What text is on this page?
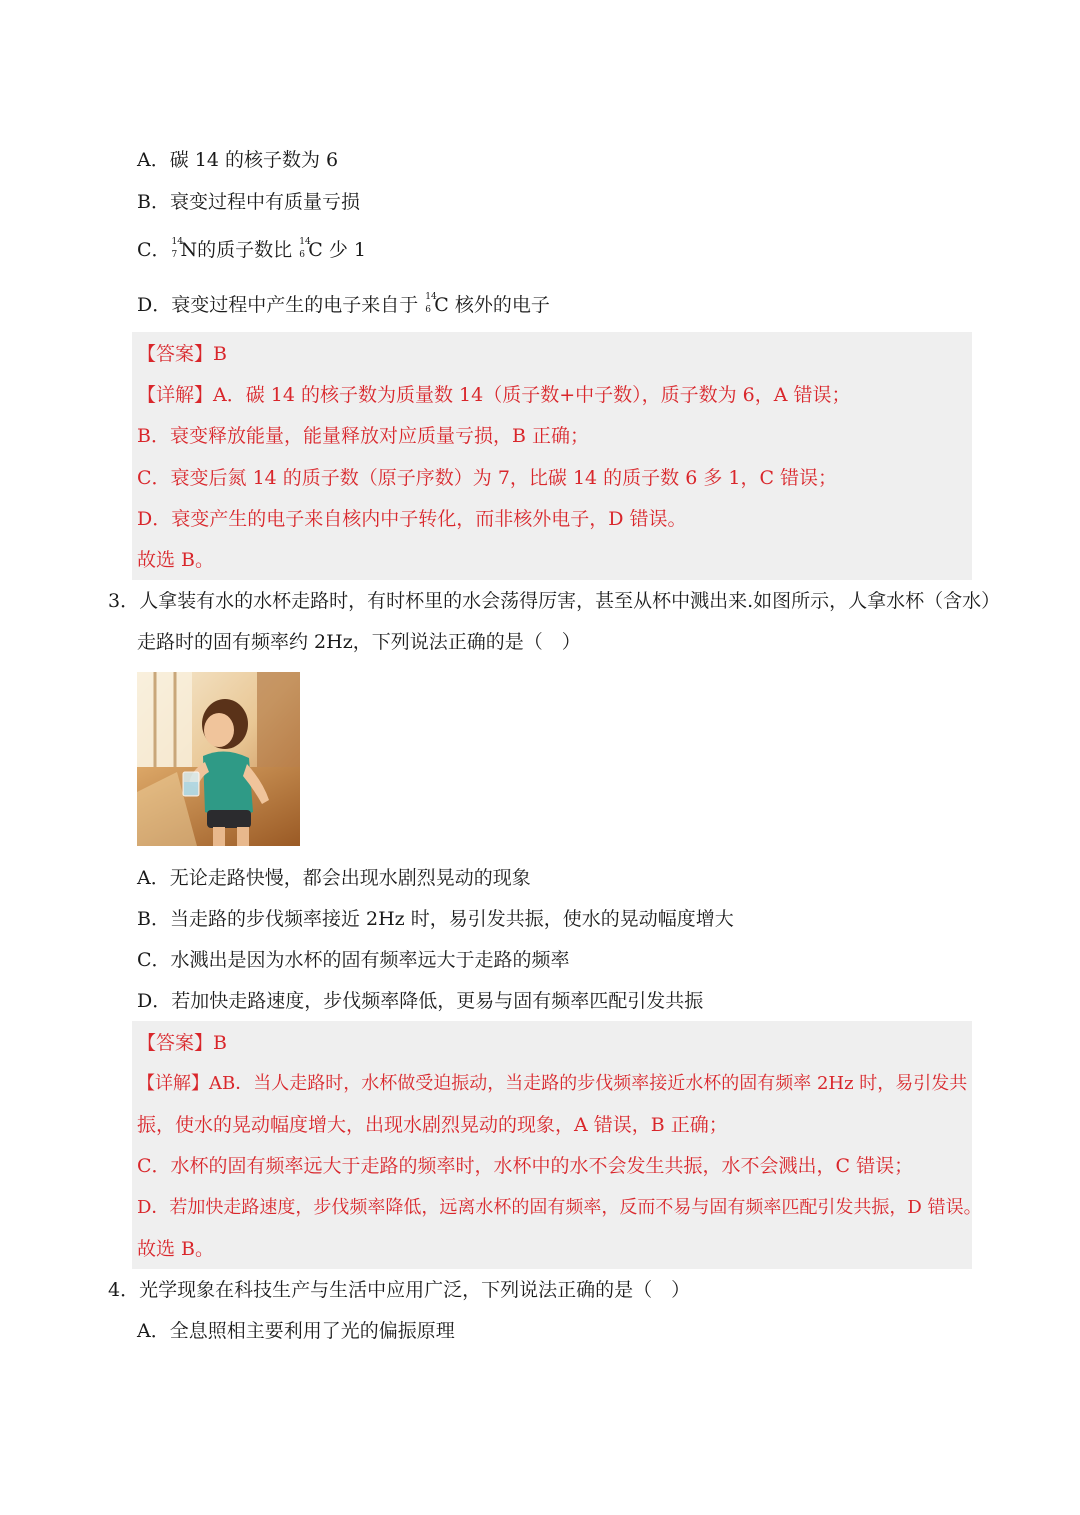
A．碳 14 的核子数为 6
B．衰变过程中有质量亏损
C． 14
7 N的质子数比 14
6 C 少 1
D．衰变过程中产生的电子来自于 14
6 C 核外的电子
【答案】B
【详解】A．碳 14 的核子数为质量数 14（质子数+中子数），质子数为 6，A 错误；
B．衰变释放能量，能量释放对应质量亏损，B 正确；
C．衰变后氮 14 的质子数（原子序数）为 7，比碳 14 的质子数 6 多 1，C 错误；
D．衰变产生的电子来自核内中子转化，而非核外电子，D 错误。
故选 B。
3．人拿装有水的水杯走路时，有时杯里的水会荡得厉害，甚至从杯中溅出来.如图所示，人拿水杯（含水）
走路时的固有频率约 2Hz，下列说法正确的是（　）
A．无论走路快慢，都会出现水剧烈晃动的现象
B．当走路的步伐频率接近 2Hz 时，易引发共振，使水的晃动幅度增大
C．水溅出是因为水杯的固有频率远大于走路的频率
D．若加快走路速度，步伐频率降低，更易与固有频率匹配引发共振
【答案】B
【详解】AB．当人走路时，水杯做受迫振动，当走路的步伐频率接近水杯的固有频率 2Hz 时，易引发共
振，使水的晃动幅度增大，出现水剧烈晃动的现象，A 错误，B 正确；
C．水杯的固有频率远大于走路的频率时，水杯中的水不会发生共振，水不会溅出，C 错误；
D．若加快走路速度，步伐频率降低，远离水杯的固有频率，反而不易与固有频率匹配引发共振，D 错误。
故选 B。
4．光学现象在科技生产与生活中应用广泛，下列说法正确的是（　）
A．全息照相主要利用了光的偏振原理
